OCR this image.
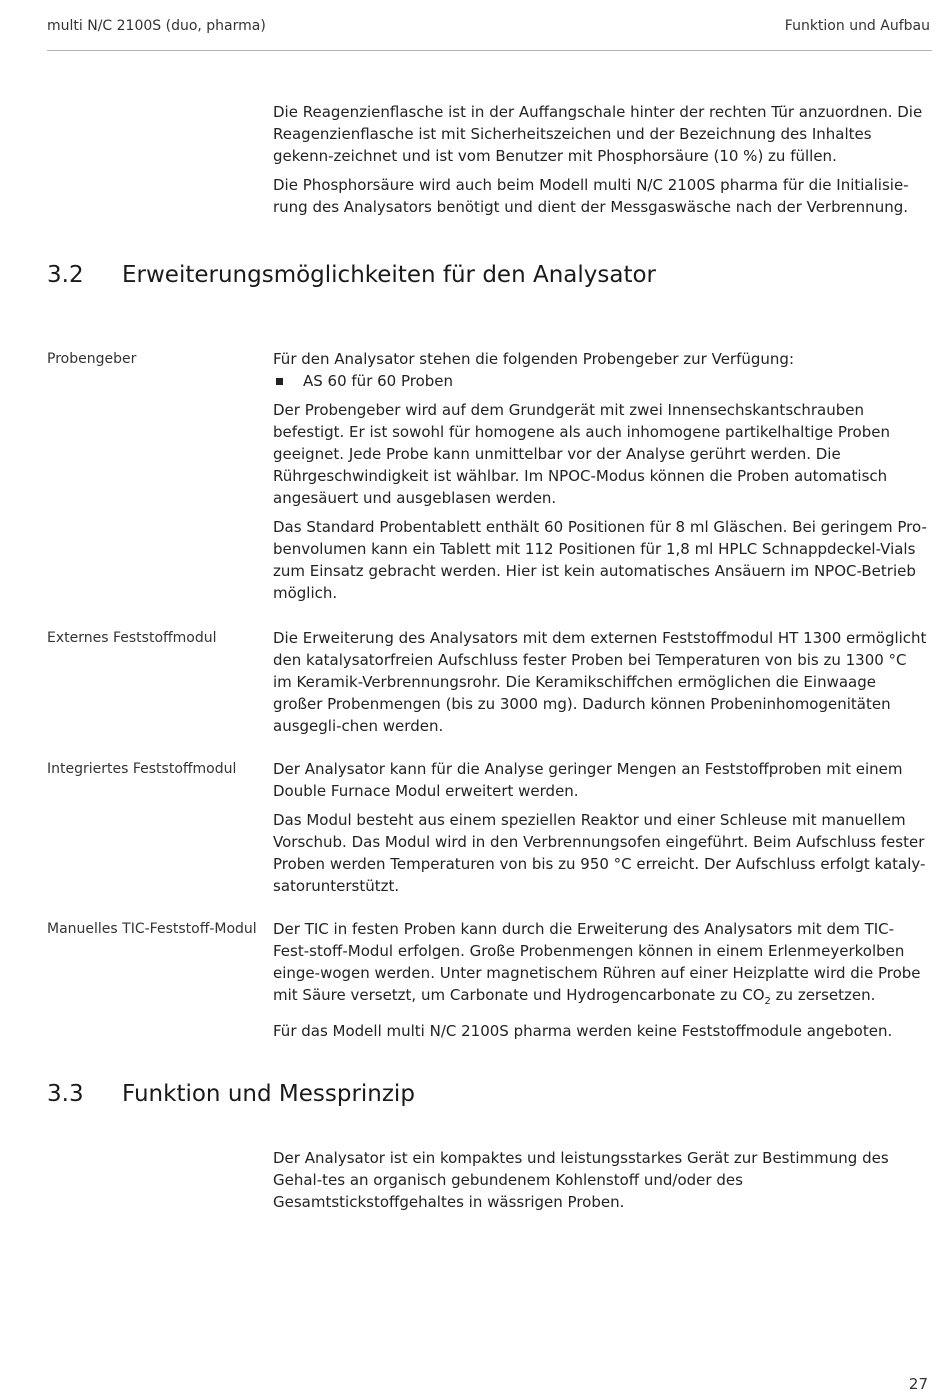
multi N/C 2100S (duo, pharma)	Funktion und Aufbau

Die Reagenzienflasche ist in der Auffangschale hinter der rechten Tür anzuordnen. Die Reagenzienflasche ist mit Sicherheitszeichen und der Bezeichnung des Inhaltes gekenn-zeichnet und ist vom Benutzer mit Phosphorsäure (10 %) zu füllen.

Die Phosphorsäure wird auch beim Modell multi N/C 2100S pharma für die Initialisie-rung des Analysators benötigt und dient der Messgaswäsche nach der Verbrennung.

3.2 Erweiterungsmöglichkeiten für den Analysator
Probengeber	Für den Analysator stehen die folgenden Probengeber zur Verfügung:

AS 60 für 60 Proben

Der Probengeber wird auf dem Grundgerät mit zwei Innensechskantschrauben befestigt. Er ist sowohl für homogene als auch inhomogene partikelhaltige Proben geeignet. Jede Probe kann unmittelbar vor der Analyse gerührt werden. Die Rührgeschwindigkeit ist wählbar. Im NPOC-Modus können die Proben automatisch angesäuert und ausgeblasen werden.

Das Standard Probentablett enthält 60 Positionen für 8 ml Gläschen. Bei geringem Pro-benvolumen kann ein Tablett mit 112 Positionen für 1,8 ml HPLC Schnappdeckel-Vials zum Einsatz gebracht werden. Hier ist kein automatisches Ansäuern im NPOC-Betrieb möglich.

Externes Feststoffmodul	Die Erweiterung des Analysators mit dem externen Feststoffmodul HT 1300 ermöglicht den katalysatorfreien Aufschluss fester Proben bei Temperaturen von bis zu 1300 °C im Keramik-Verbrennungsrohr. Die Keramikschiffchen ermöglichen die Einwaage großer Probenmengen (bis zu 3000 mg). Dadurch können Probeninhomogenitäten ausgegli-chen werden.

Integriertes Feststoffmodul	Der Analysator kann für die Analyse geringer Mengen an Feststoffproben mit einem Double Furnace Modul erweitert werden.

Das Modul besteht aus einem speziellen Reaktor und einer Schleuse mit manuellem Vorschub. Das Modul wird in den Verbrennungsofen eingeführt. Beim Aufschluss fester Proben werden Temperaturen von bis zu 950 °C erreicht. Der Aufschluss erfolgt kataly-satorunterstützt.

Manuelles TIC-Feststoff-Modul	Der TIC in festen Proben kann durch die Erweiterung des Analysators mit dem TIC-Fest-stoff-Modul erfolgen. Große Probenmengen können in einem Erlenmeyerkolben einge-wogen werden. Unter magnetischem Rühren auf einer Heizplatte wird die Probe mit Säure versetzt, um Carbonate und Hydrogencarbonate zu $CO_2$ zu zersetzen.

Für das Modell multi N/C 2100S pharma werden keine Feststoffmodule angeboten.

3.3 Funktion und Messprinzip

Der Analysator ist ein kompaktes und leistungsstarkes Gerät zur Bestimmung des Gehal-tes an organisch gebundenem Kohlenstoff und/oder des Gesamtstickstoffgehaltes in wässrigen Proben.

27
